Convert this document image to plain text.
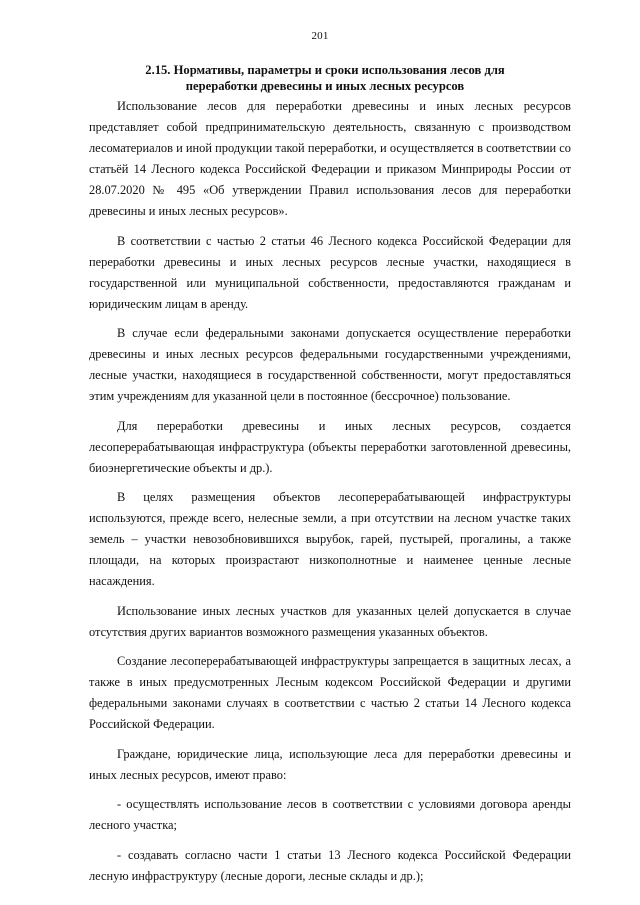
201
2.15. Нормативы, параметры и сроки использования лесов для
переработки древесины и иных лесных ресурсов

Использование лесов для переработки древесины и иных лесных ресурсов представляет собой предпринимательскую деятельность, связанную с производством лесоматериалов и иной продукции такой переработки, и осуществляется в соответствии со статьёй 14 Лесного кодекса Российской Федерации и приказом Минприроды России от 28.07.2020 № 495 «Об утверждении Правил использования лесов для переработки древесины и иных лесных ресурсов».

В соответствии с частью 2 статьи 46 Лесного кодекса Российской Федерации для переработки древесины и иных лесных ресурсов лесные участки, находящиеся в государственной или муниципальной собственности, предоставляются гражданам и юридическим лицам в аренду.

В случае если федеральными законами допускается осуществление переработки древесины и иных лесных ресурсов федеральными государственными учреждениями, лесные участки, находящиеся в государственной собственности, могут предоставляться этим учреждениям для указанной цели в постоянное (бессрочное) пользование.

Для переработки древесины и иных лесных ресурсов, создается лесоперерабатывающая инфраструктура (объекты переработки заготовленной древесины, биоэнергетические объекты и др.).

В целях размещения объектов лесоперерабатывающей инфраструктуры используются, прежде всего, нелесные земли, а при отсутствии на лесном участке таких земель – участки невозобновившихся вырубок, гарей, пустырей, прогалины, а также площади, на которых произрастают низкополнотные и наименее ценные лесные насаждения.

Использование иных лесных участков для указанных целей допускается в случае отсутствия других вариантов возможного размещения указанных объектов.

Создание лесоперерабатывающей инфраструктуры запрещается в защитных лесах, а также в иных предусмотренных Лесным кодексом Российской Федерации и другими федеральными законами случаях в соответствии с частью 2 статьи 14 Лесного кодекса Российской Федерации.

Граждане, юридические лица, использующие леса для переработки древесины и иных лесных ресурсов, имеют право:

- осуществлять использование лесов в соответствии с условиями договора аренды лесного участка;

- создавать согласно части 1 статьи 13 Лесного кодекса Российской Федерации лесную инфраструктуру (лесные дороги, лесные склады и др.);
